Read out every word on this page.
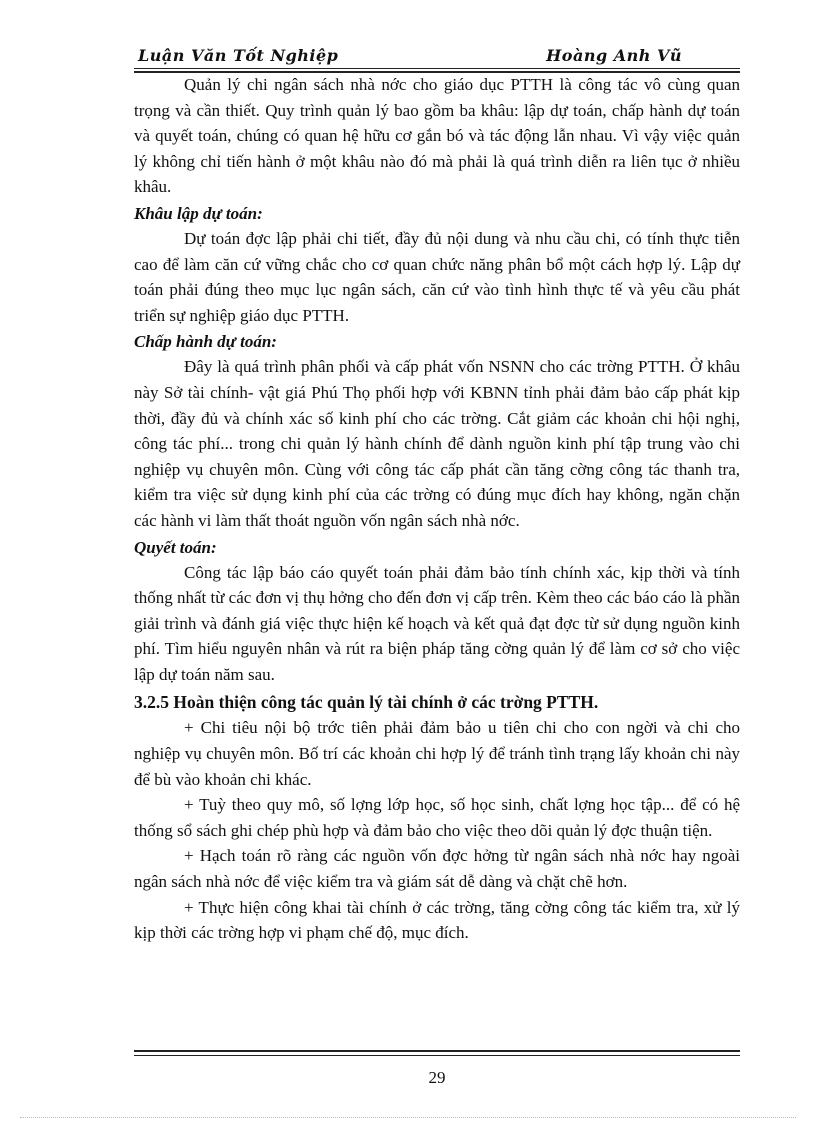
Luận Văn Tốt Nghiệp	Hoàng Anh Vũ

Quản lý chi ngân sách nhà nớc cho giáo dục PTTH là công tác vô cùng quan trọng và cần thiết. Quy trình quản lý bao gồm ba khâu: lập dự toán, chấp hành dự toán và quyết toán, chúng có quan hệ hữu cơ gắn bó và tác động lẫn nhau. Vì vậy việc quản lý không chỉ tiến hành ở một khâu nào đó mà phải là quá trình diễn ra liên tục ở nhiều khâu.

Khâu lập dự toán:

Dự toán đợc lập phải chi tiết, đầy đủ nội dung và nhu cầu chi, có tính thực tiễn cao để làm căn cứ vững chắc cho cơ quan chức năng phân bổ một cách hợp lý. Lập dự toán phải đúng theo mục lục ngân sách, căn cứ vào tình hình thực tế và yêu cầu phát triển sự nghiệp giáo dục PTTH.

Chấp hành dự toán:

Đây là quá trình phân phối và cấp phát vốn NSNN cho các trờng PTTH. Ở khâu này Sở tài chính- vật giá Phú Thọ phối hợp với KBNN tỉnh phải đảm bảo cấp phát kịp thời, đầy đủ và chính xác số kinh phí cho các trờng. Cắt giảm các khoản chi hội nghị, công tác phí... trong chi quản lý hành chính để dành nguồn kinh phí tập trung vào chi nghiệp vụ chuyên môn. Cùng với công tác cấp phát cần tăng cờng công tác thanh tra, kiểm tra việc sử dụng kinh phí của các trờng có đúng mục đích hay không, ngăn chặn các hành vi làm thất thoát nguồn vốn ngân sách nhà nớc.

Quyết toán:

Công tác lập báo cáo quyết toán phải đảm bảo tính chính xác, kịp thời và tính thống nhất từ các đơn vị thụ hởng cho đến đơn vị cấp trên. Kèm theo các báo cáo là phần giải trình và đánh giá việc thực hiện kế hoạch và kết quả đạt đợc từ sử dụng nguồn kinh phí. Tìm hiểu nguyên nhân và rút ra biện pháp tăng cờng quản lý để làm cơ sở cho việc lập dự toán năm sau.

3.2.5 Hoàn thiện công tác quản lý tài chính ở các trờng PTTH.

+ Chi tiêu nội bộ trớc tiên phải đảm bảo u tiên chi cho con ngời và chi cho nghiệp vụ chuyên môn. Bố trí các khoản chi hợp lý để tránh tình trạng lấy khoản chi này để bù vào khoản chi khác.

+ Tuỳ theo quy mô, số lợng lớp học, số học sinh, chất lợng học tập... để có hệ thống sổ sách ghi chép phù hợp và đảm bảo cho việc theo dõi quản lý đợc thuận tiện.

+ Hạch toán rõ ràng các nguồn vốn đợc hởng từ ngân sách nhà nớc hay ngoài ngân sách nhà nớc để việc kiểm tra và giám sát dễ dàng và chặt chẽ hơn.

+ Thực hiện công khai tài chính ở các trờng, tăng cờng công tác kiểm tra, xử lý kịp thời các trờng hợp vi phạm chế độ, mục đích.

29
